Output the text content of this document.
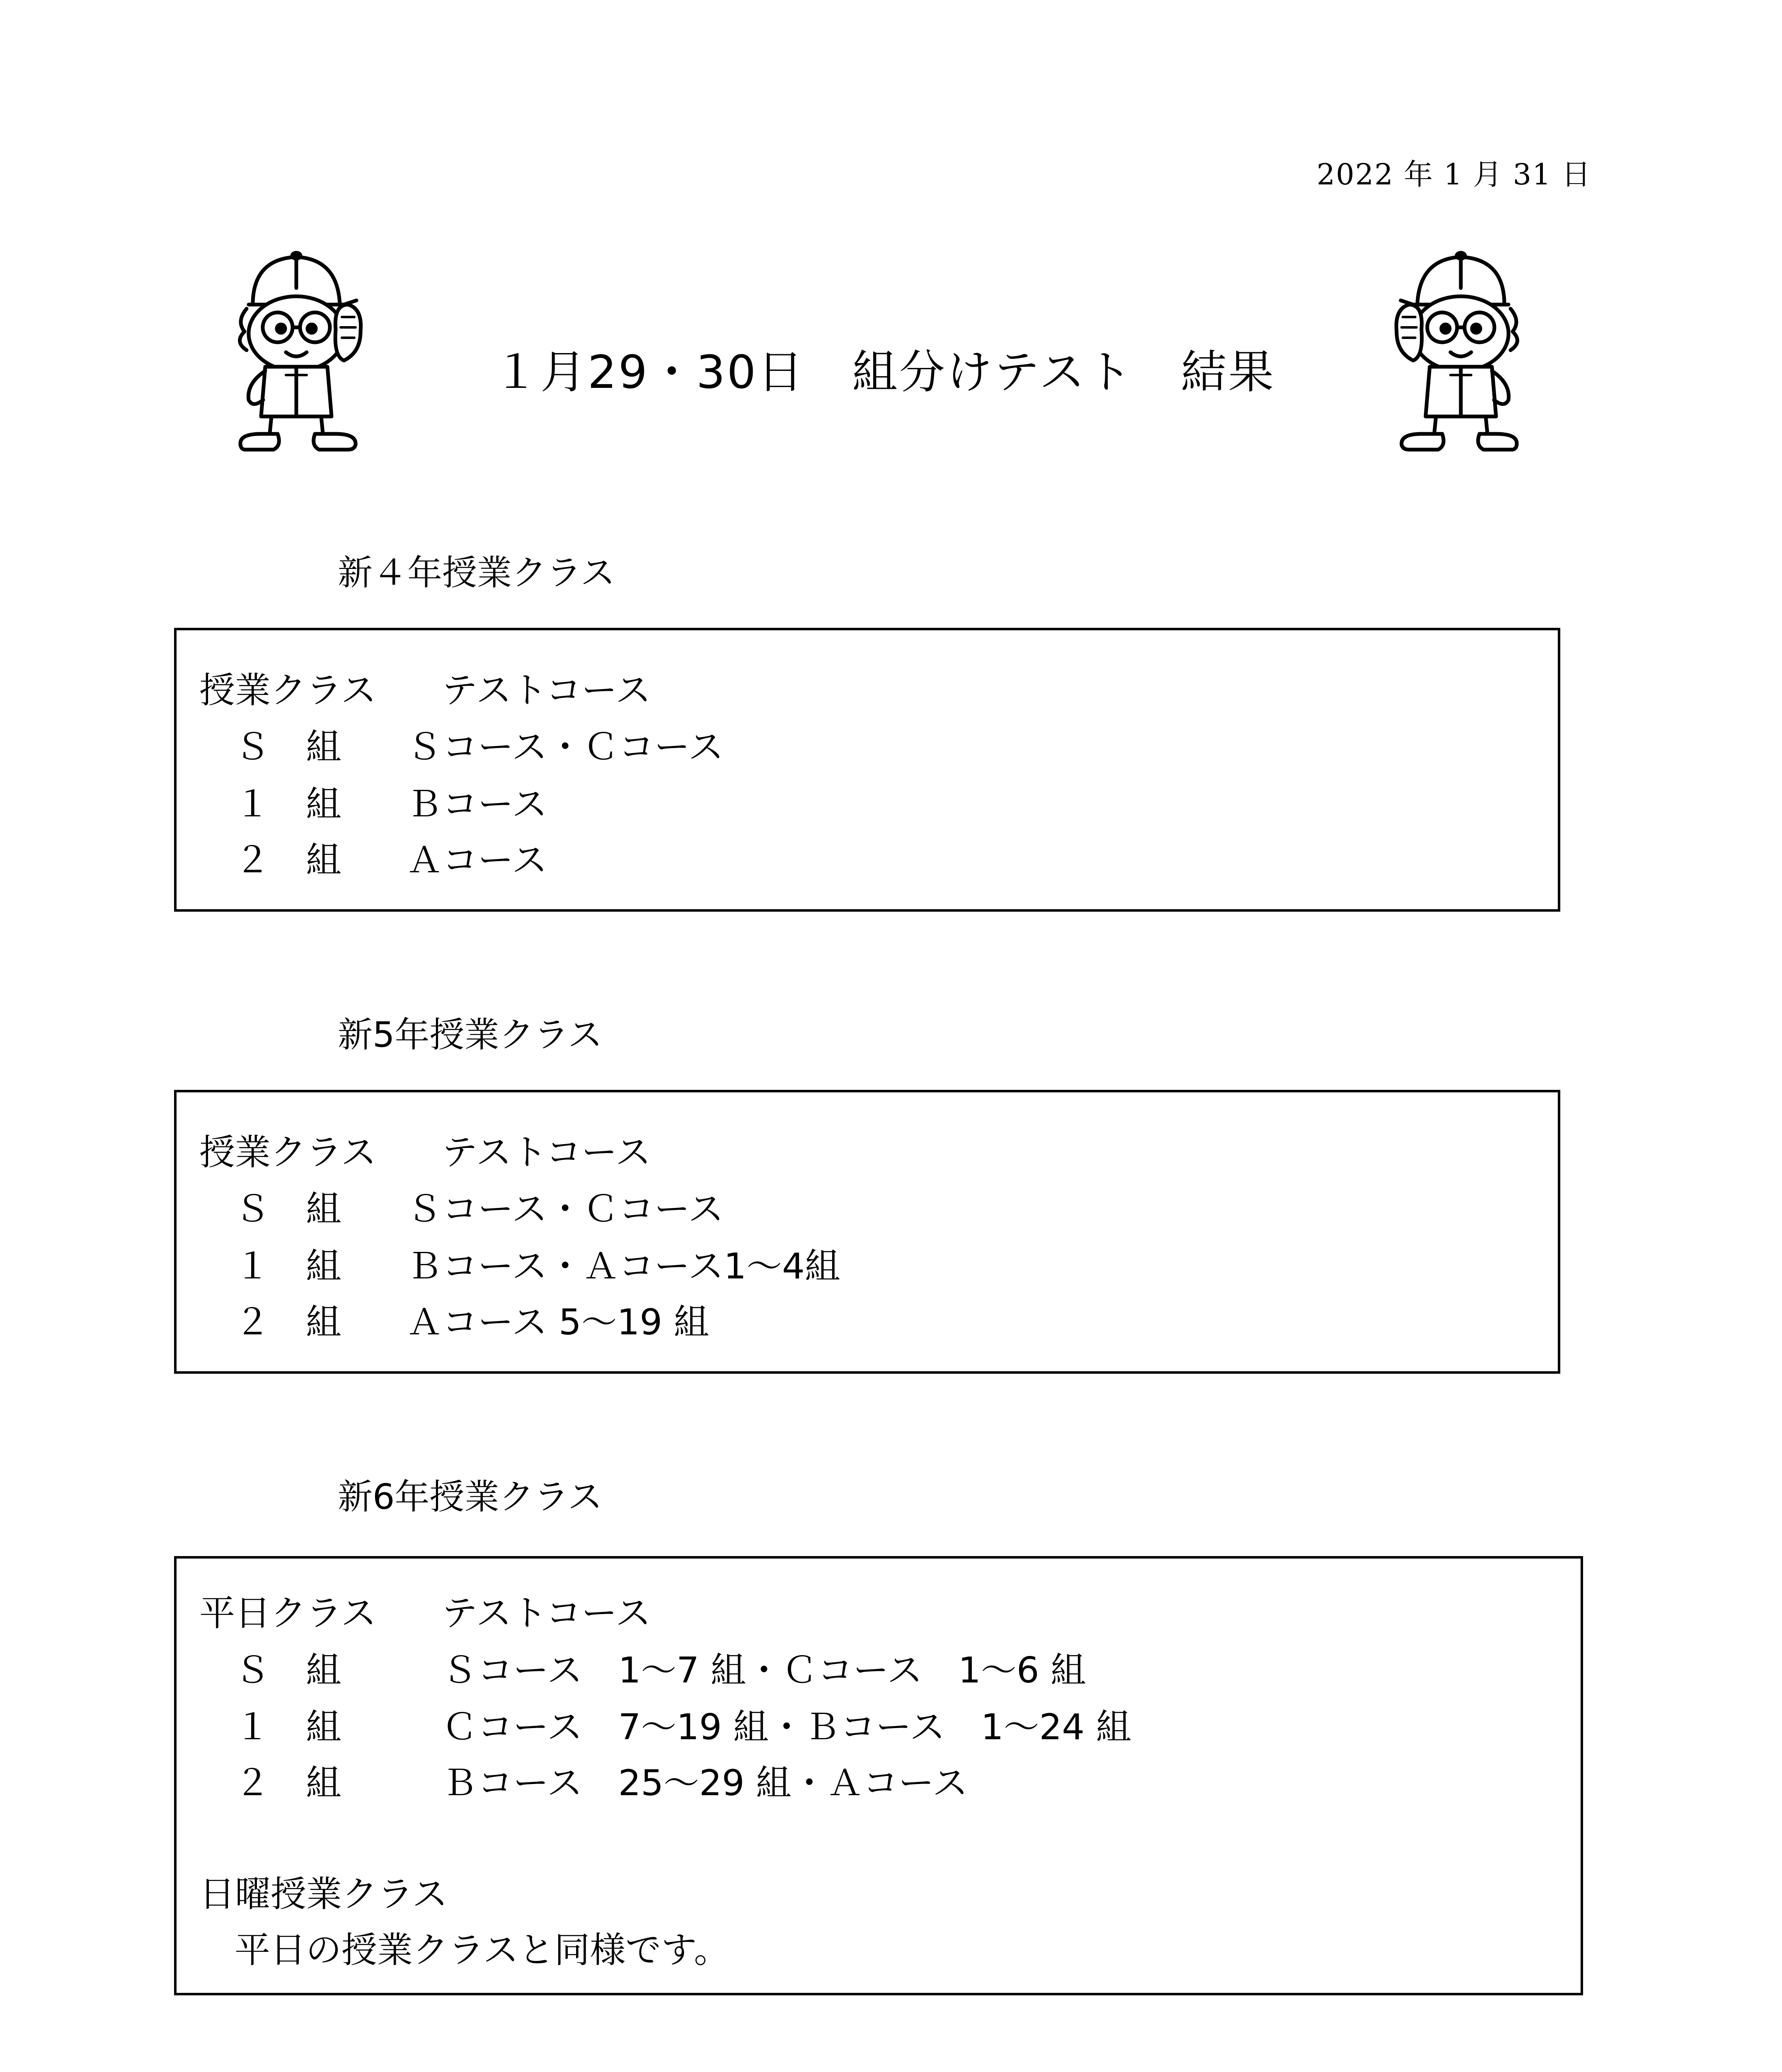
2022 年 1 月 31 日
１月29・30日　組分けテスト　結果
新４年授業クラス
授業クラス テストコース
Ｓ　組 Ｓコース・Ｃコース
１　組 Ｂコース
２　組 Ａコース
新5年授業クラス
授業クラス テストコース
Ｓ　組 Ｓコース・Ｃコース
１　組 Ｂコース・Ａコース1～4組
２　組 Ａコース 5～19 組
新6年授業クラス
平日クラス テストコース
Ｓ　組	Ｓコース　1～7 組・Ｃコース　1～6 組
１　組	Ｃコース　7～19 組・Ｂコース　1～24 組
２　組	Ｂコース　25～29 組・Ａコース
日曜授業クラス
平日の授業クラスと同様です。
